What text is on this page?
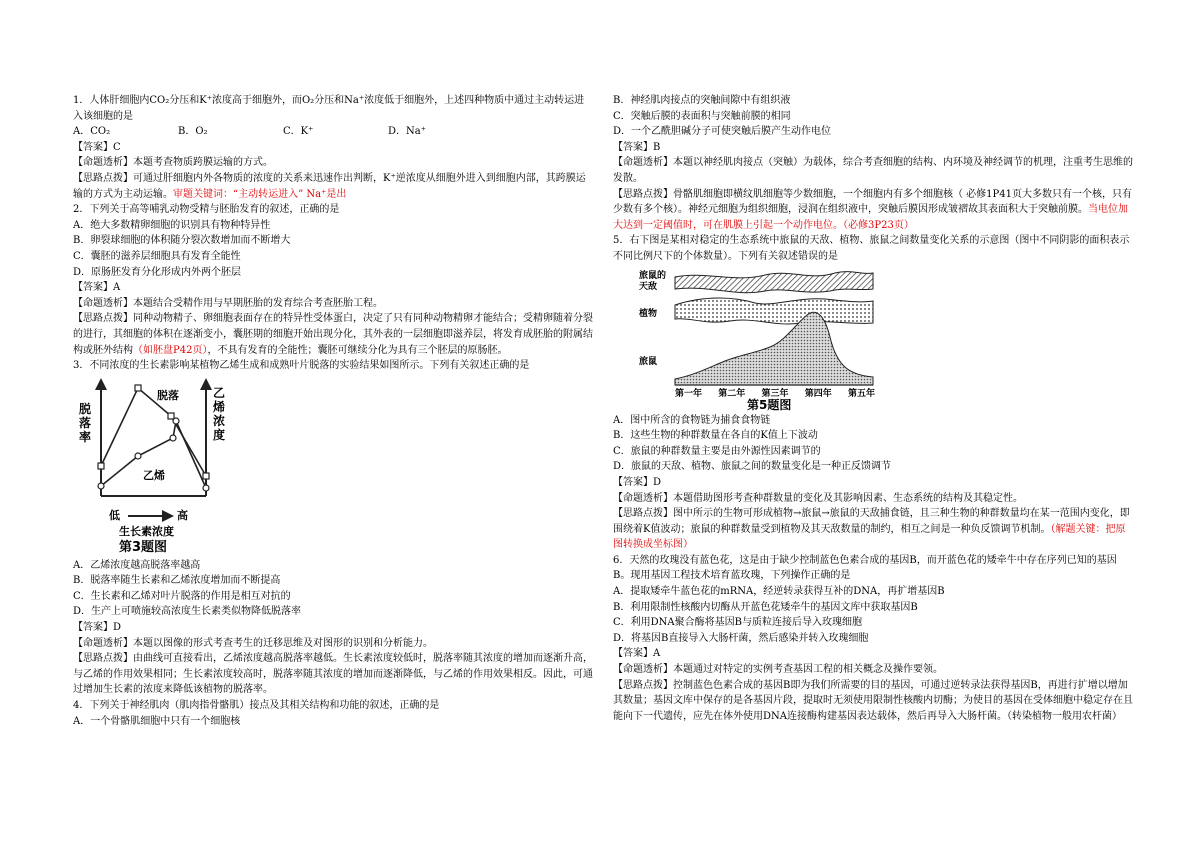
1．人体肝细胞内CO₂分压和K⁺浓度高于细胞外，而O₂分压和Na⁺浓度低于细胞外，上述四种物质中通过主动转运进入该细胞的是

A．CO₂	B．O₂	C．K⁺	D．Na⁺

【答案】C

【命题透析】本题考查物质跨膜运输的方式。

【思路点拨】可通过肝细胞内外各物质的浓度的关系来迅速作出判断，K⁺逆浓度从细胞外进入到细胞内部，其跨膜运输的方式为主动运输。审题关键词：“主动转运进入” Na⁺是出

2．下列关于高等哺乳动物受精与胚胎发育的叙述，正确的是

A．绝大多数精卵细胞的识别具有物种特异性

B．卵裂球细胞的体积随分裂次数增加而不断增大

C．囊胚的滋养层细胞具有发育全能性

D．原肠胚发育分化形成内外两个胚层

【答案】A

【命题透析】本题结合受精作用与早期胚胎的发育综合考查胚胎工程。

【思路点拨】同种动物精子、卵细胞表面存在的特异性受体蛋白，决定了只有同种动物精卵才能结合；受精卵随着分裂的进行，其细胞的体积在逐渐变小，囊胚期的细胞开始出现分化，其外表的一层细胞即滋养层，将发育成胚胎的附属结构或胚外结构（如胚盘P42页），不具有发育的全能性；囊胚可继续分化为具有三个胚层的原肠胚。

3．不同浓度的生长素影响某植物乙烯生成和成熟叶片脱落的实验结果如图所示。下列有关叙述正确的是

脱落率
乙烯浓度
脱落
乙烯
低	高
生长素浓度
第3题图

A．乙烯浓度越高脱落率越高

B．脱落率随生长素和乙烯浓度增加而不断提高

C．生长素和乙烯对叶片脱落的作用是相互对抗的

D．生产上可喷施较高浓度生长素类似物降低脱落率

【答案】D

【命题透析】本题以图像的形式考查考生的迁移思维及对图形的识别和分析能力。

【思路点拨】由曲线可直接看出，乙烯浓度越高脱落率越低。生长素浓度较低时，脱落率随其浓度的增加而逐渐升高，与乙烯的作用效果相同；生长素浓度较高时，脱落率随其浓度的增加而逐渐降低，与乙烯的作用效果相反。因此，可通过增加生长素的浓度来降低该植物的脱落率。

4．下列关于神经肌肉（肌肉指骨骼肌）接点及其相关结构和功能的叙述，正确的是

A．一个骨骼肌细胞中只有一个细胞核

B．神经肌肉接点的突触间隙中有组织液

C．突触后膜的表面积与突触前膜的相同

D．一个乙酰胆碱分子可使突触后膜产生动作电位

【答案】B

【命题透析】本题以神经肌肉接点（突触）为载体，综合考查细胞的结构、内环境及神经调节的机理，注重考生思维的发散。

【思路点拨】骨骼肌细胞即横纹肌细胞等少数细胞，一个细胞内有多个细胞核（ 必修1P41页大多数只有一个核，只有少数有多个核）。神经元细胞为组织细胞，浸润在组织液中，突触后膜因形成皱褶故其表面积大于突触前膜。当电位加大达到一定阈值时，可在肌膜上引起一个动作电位。（必修3P23页）

5．右下图是某相对稳定的生态系统中旅鼠的天敌、植物、旅鼠之间数量变化关系的示意图（图中不同阴影的面积表示不同比例尺下的个体数量）。下列有关叙述错误的是

旅鼠的天敌
植物
旅鼠
第一年 第二年 第三年 第四年 第五年
第5题图

A．图中所含的食物链为捕食食物链

B．这些生物的种群数量在各自的K值上下波动

C．旅鼠的种群数量主要是由外源性因素调节的

D．旅鼠的天敌、植物、旅鼠之间的数量变化是一种正反馈调节

【答案】D

【命题透析】本题借助图形考查种群数量的变化及其影响因素、生态系统的结构及其稳定性。

【思路点拨】图中所示的生物可形成植物→旅鼠→旅鼠的天敌捕食链，且三种生物的种群数量均在某一范围内变化，即围绕着K值波动；旅鼠的种群数量受到植物及其天敌数量的制约，相互之间是一种负反馈调节机制。（解题关键：把原图转换成坐标图）

6．天然的玫瑰没有蓝色花，这是由于缺少控制蓝色色素合成的基因B，而开蓝色花的矮牵牛中存在序列已知的基因B。现用基因工程技术培育蓝玫瑰，下列操作正确的是

A．提取矮牵牛蓝色花的mRNA，经逆转录获得互补的DNA，再扩增基因B

B．利用限制性核酸内切酶从开蓝色花矮牵牛的基因文库中获取基因B

C．利用DNA聚合酶将基因B与质粒连接后导入玫瑰细胞

D．将基因B直接导入大肠杆菌，然后感染并转入玫瑰细胞

【答案】A

【命题透析】本题通过对特定的实例考查基因工程的相关概念及操作要领。

【思路点拨】控制蓝色色素合成的基因B即为我们所需要的目的基因，可通过逆转录法获得基因B，再进行扩增以增加其数量；基因文库中保存的是各基因片段，提取时无须使用限制性核酸内切酶；为使目的基因在受体细胞中稳定存在且能向下一代遗传，应先在体外使用DNA连接酶构建基因表达载体，然后再导入大肠杆菌。（转染植物一般用农杆菌）
